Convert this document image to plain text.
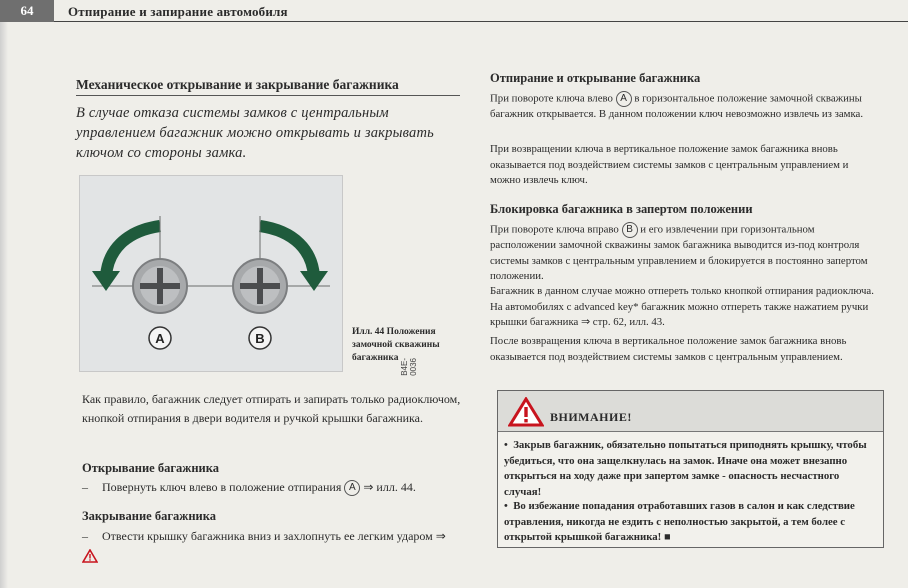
64	Отпирание и запирание автомобиля
Механическое открывание и закрывание багажника
В случае отказа системы замков с центральным управлением багажник можно открывать и закрывать ключом со стороны замка.
A	B
B4E-0036
Илл. 44 Положения замочной скважины багажника
Как правило, багажник следует отпирать и запирать только радиоключом, кнопкой отпирания в двери водителя и ручкой крышки багажника.
Открывание багажника
– Повернуть ключ влево в положение отпирания A ⇒ илл. 44.
Закрывание багажника
– Отвести крышку багажника вниз и захлопнуть ее легким ударом ⇒
Отпирание и открывание багажника
При повороте ключа влево A в горизонтальное положение замочной скважины багажник открывается. В данном положении ключ невозможно извлечь из замка.
При возвращении ключа в вертикальное положение замок багажника вновь оказывается под воздействием системы замков с центральным управлением и можно извлечь ключ.
Блокировка багажника в запертом положении
При повороте ключа вправо B и его извлечении при горизонтальном расположении замочной скважины замок багажника выводится из-под контроля системы замков с центральным управлением и блокируется в постоянно запертом положении.
Багажник в данном случае можно отпереть только кнопкой отпирания радиоключа. На автомобилях с advanced key* багажник можно отпереть также нажатием ручки крышки багажника ⇒ стр. 62, илл. 43.
После возвращения ключа в вертикальное положение замок багажника вновь оказывается под воздействием системы замков с центральным управлением.
ВНИМАНИЕ!
•  Закрыв багажник, обязательно попытаться приподнять крышку, чтобы убедиться, что она защелкнулась на замок. Иначе она может внезапно открыться на ходу даже при запертом замке - опасность несчастного случая!
•  Во избежание попадания отработавших газов в салон и как следствие отравления, никогда не ездить с неполностью закрытой, а тем более с открытой крышкой багажника! ■
